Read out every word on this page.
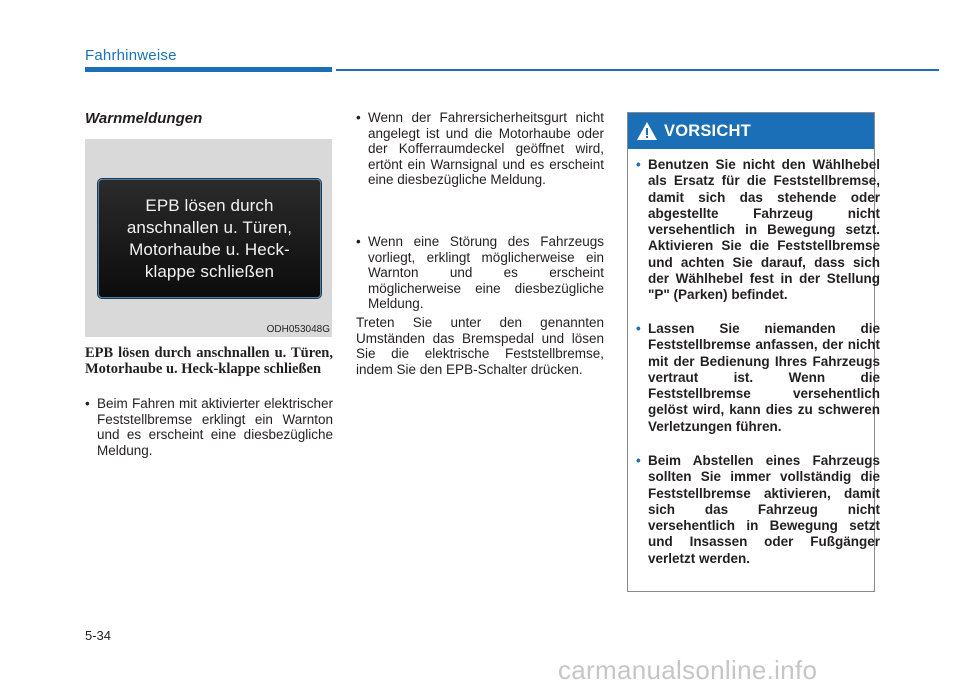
Fahrhinweise
Warnmeldungen
EPB lösen durch
anschnallen u. Türen,
Motorhaube u. Heck-
klappe schließen
ODH053048G
EPB lösen durch anschnallen u. Türen, Motorhaube u. Heck-klappe schließen
• Beim Fahren mit aktivierter elektrischer Feststellbremse erklingt ein Warnton und es erscheint eine diesbezügliche Meldung.
• Wenn der Fahrersicherheitsgurt nicht angelegt ist und die Motorhaube oder der Kofferraumdeckel geöffnet wird, ertönt ein Warnsignal und es erscheint eine diesbezügliche Meldung.
• Wenn eine Störung des Fahrzeugs vorliegt, erklingt möglicherweise ein Warnton und es erscheint möglicherweise eine diesbezügliche Meldung.
Treten Sie unter den genannten Umständen das Bremspedal und lösen Sie die elektrische Feststellbremse, indem Sie den EPB-Schalter drücken.
VORSICHT
• Benutzen Sie nicht den Wählhebel als Ersatz für die Feststellbremse, damit sich das stehende oder abgestellte Fahrzeug nicht versehentlich in Bewegung setzt. Aktivieren Sie die Feststellbremse und achten Sie darauf, dass sich der Wählhebel fest in der Stellung "P" (Parken) befindet.
• Lassen Sie niemanden die Feststellbremse anfassen, der nicht mit der Bedienung Ihres Fahrzeugs vertraut ist. Wenn die Feststellbremse versehentlich gelöst wird, kann dies zu schweren Verletzungen führen.
• Beim Abstellen eines Fahrzeugs sollten Sie immer vollständig die Feststellbremse aktivieren, damit sich das Fahrzeug nicht versehentlich in Bewegung setzt und Insassen oder Fußgänger verletzt werden.
5-34
carmanualsonline.info
